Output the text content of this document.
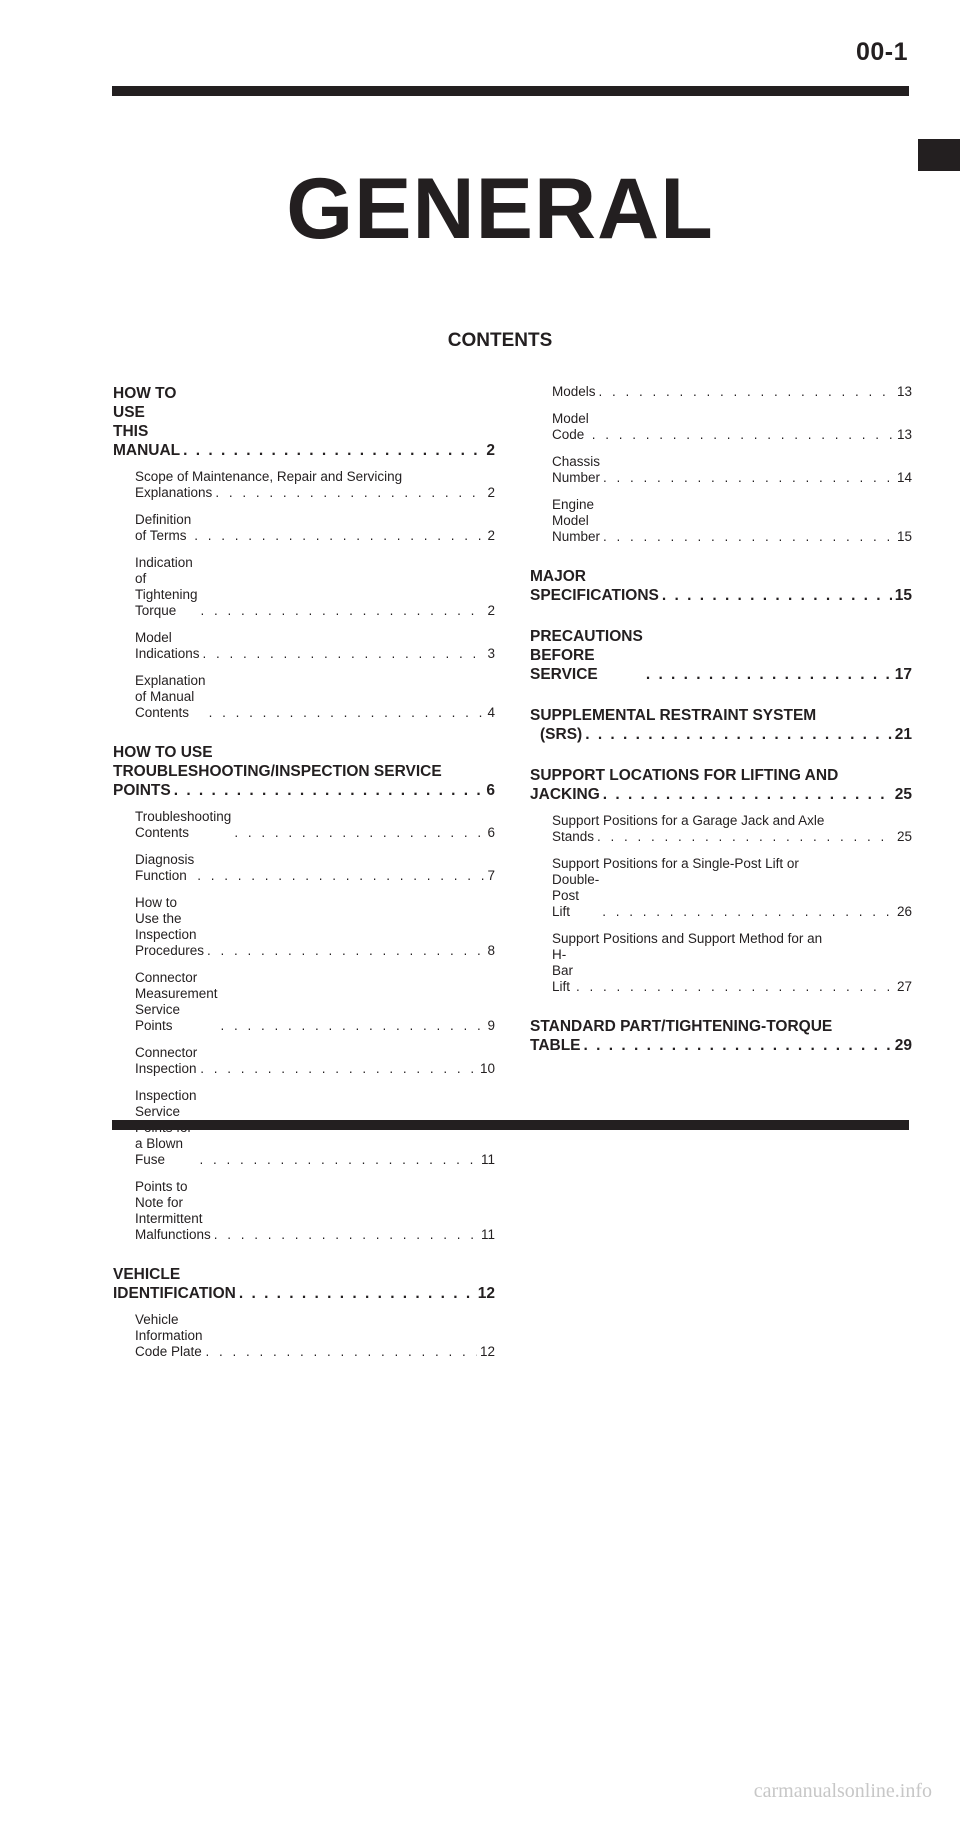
00-1
GENERAL
CONTENTS
HOW TO USE THIS MANUAL . . .	2
Scope of Maintenance, Repair and Servicing
Explanations . . .	2
Definition of Terms . . .	2
Indication of Tightening Torque . . .	2
Model Indications . . .	3
Explanation of Manual Contents . . .	4
HOW TO USE
TROUBLESHOOTING/INSPECTION SERVICE
POINTS . . .	6
Troubleshooting Contents . . .	6
Diagnosis Function . . .	7
How to Use the Inspection Procedures . . .	8
Connector Measurement Service Points . . .	9
Connector Inspection . . .	10
Inspection Service a Blown Fuse . . .	11
Points to Note for Intermittent Malfunctions . . .	11
VEHICLE IDENTIFICATION . . .	12
Vehicle Information Code Plate . . .	12
Models . . .	13
Model Code . . .	13
Chassis Number . . .	14
Engine Model Number . . .	15
MAJOR SPECIFICATIONS . . .	15
PRECAUTIONS BEFORE SERVICE . . .	17
SUPPLEMENTAL RESTRAINT SYSTEM
(SRS) . . .	21
SUPPORT LOCATIONS FOR LIFTING AND
JACKING . . .	25
Support Positions for a Garage Jack and Axle
Stands . . .	25
Support Positions for a Single-Post Lift or
Double-Post Lift . . .	26
Support Positions and Support Method for an
H-Bar Lift . . .	27
STANDARD PART/TIGHTENING-TORQUE
TABLE . . .	29
carmanualsonline.info
